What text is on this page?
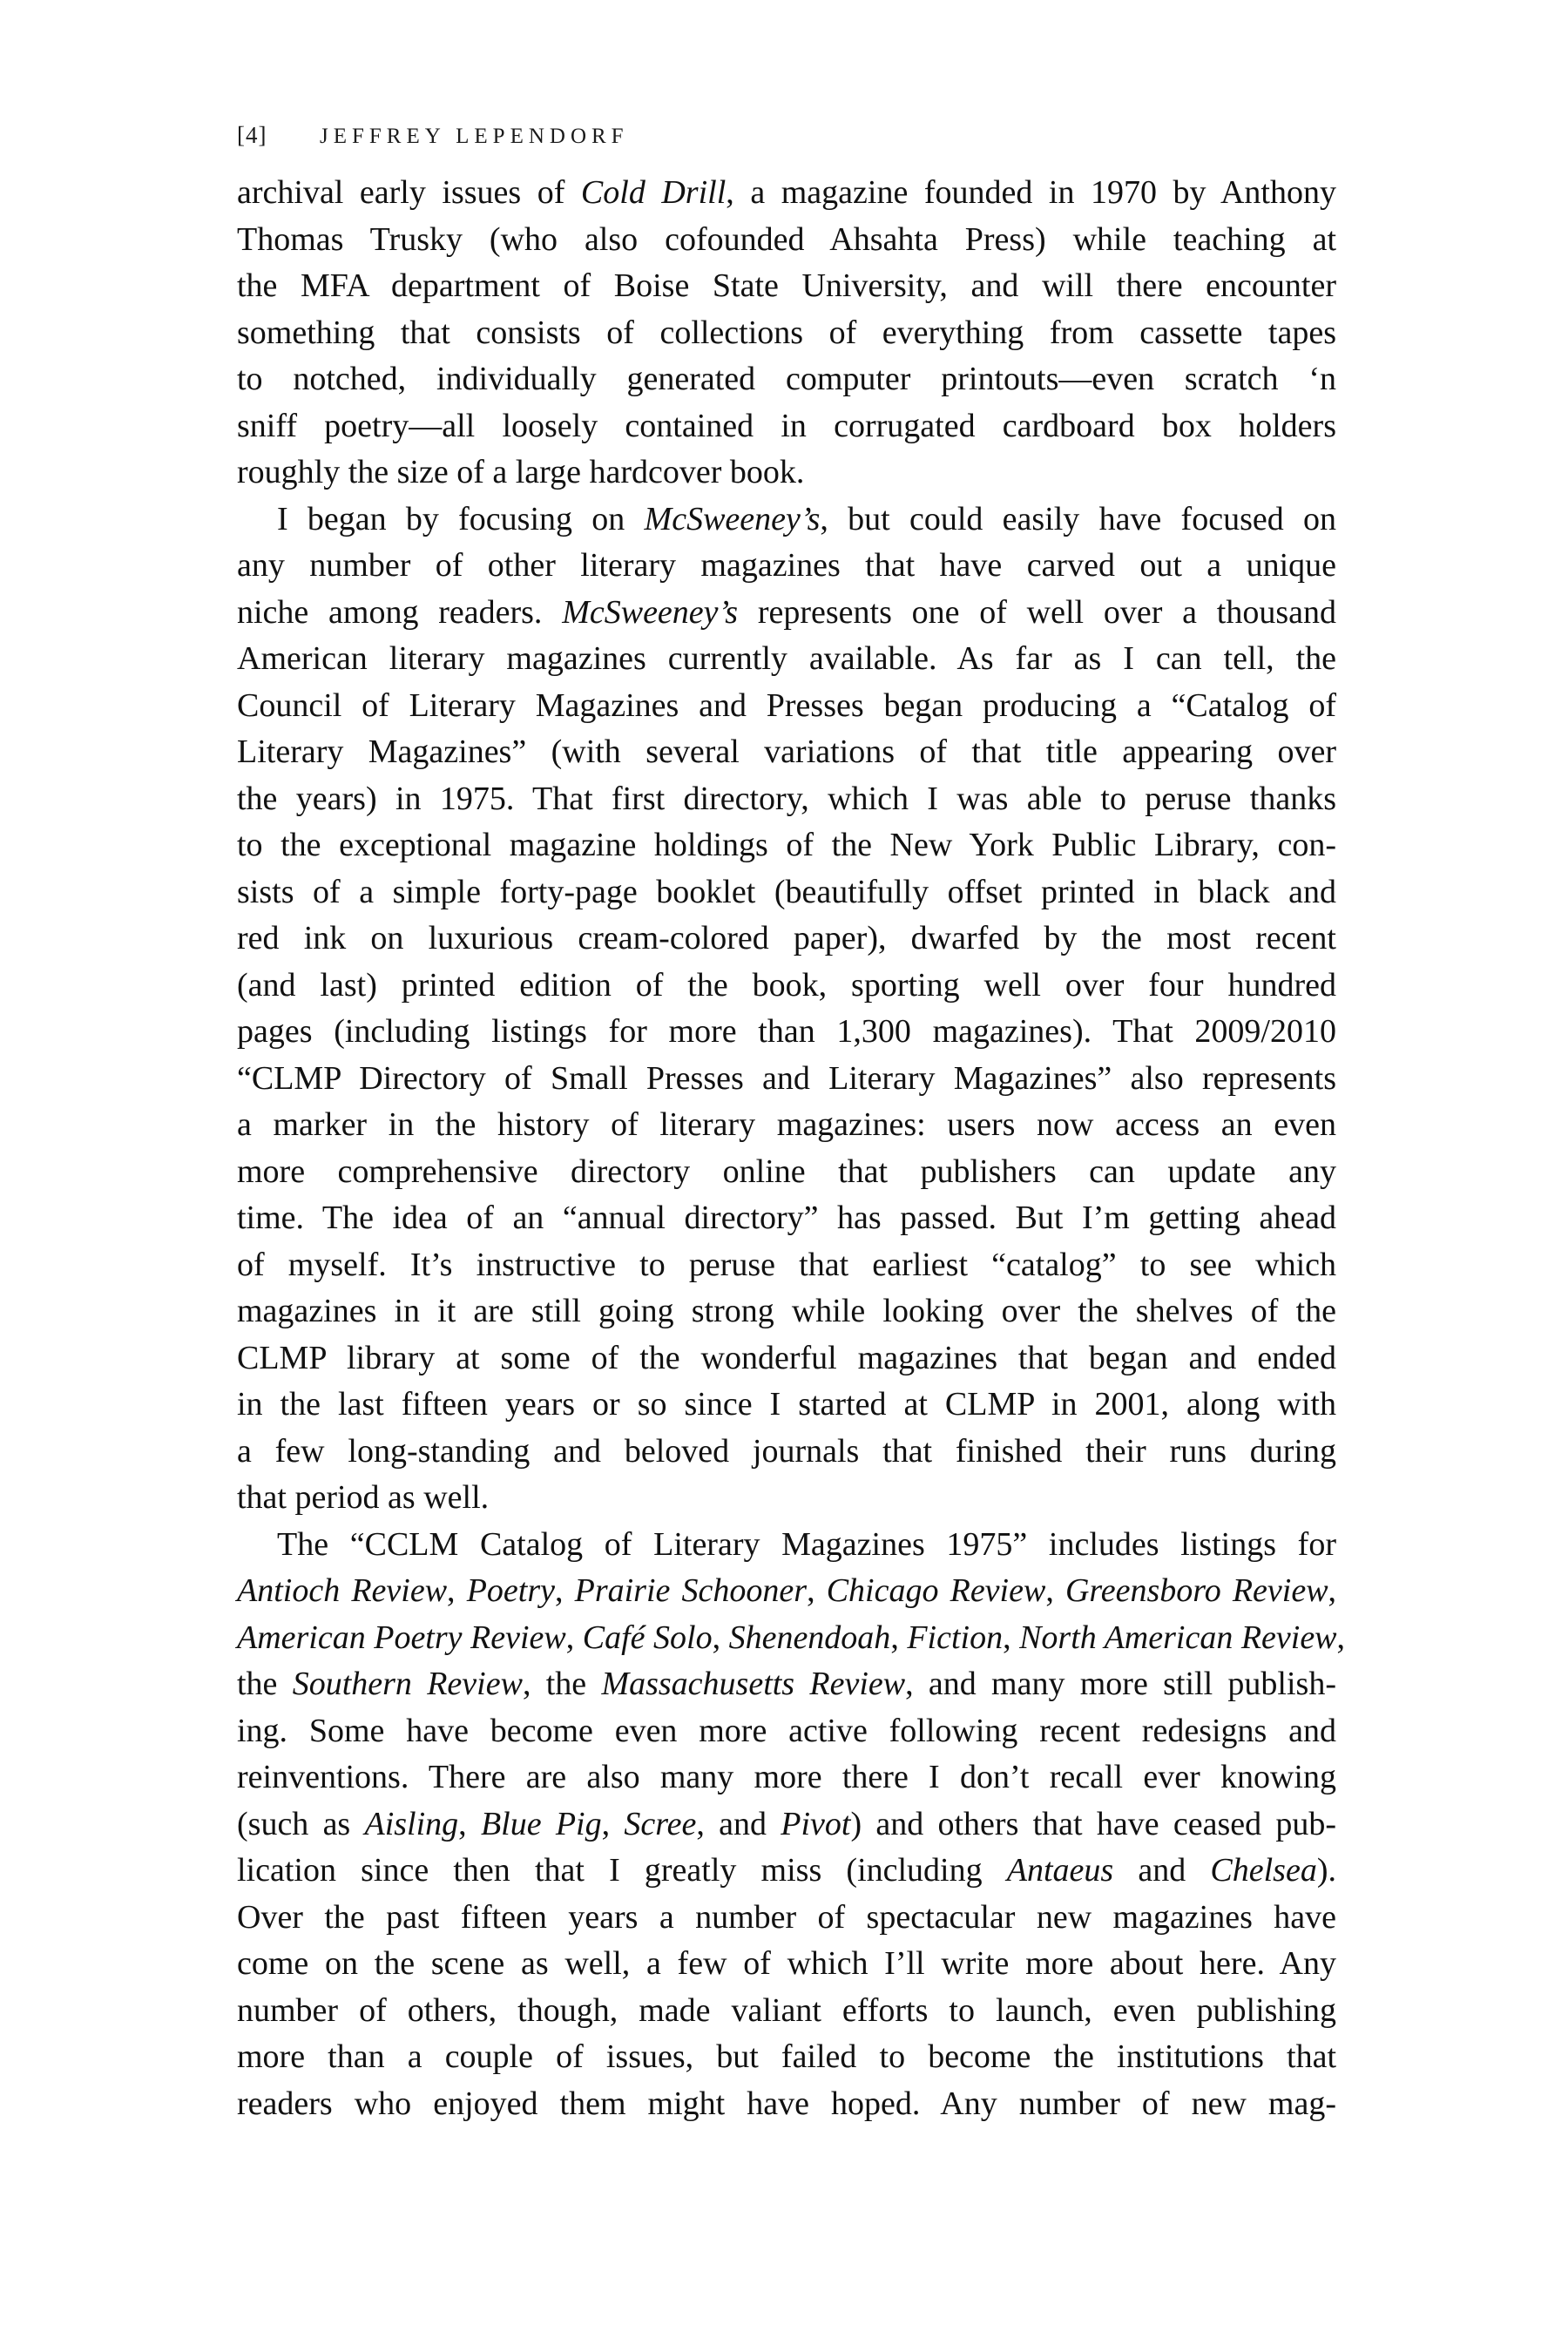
[4]	JEFFREY LEPENDORF
archival early issues of Cold Drill, a magazine founded in 1970 by Anthony
Thomas Trusky (who also cofounded Ahsahta Press) while teaching at
the MFA department of Boise State University, and will there encounter
something that consists of collections of everything from cassette tapes
to notched, individually generated computer printouts—even scratch ‘n
sniff poetry—all loosely contained in corrugated cardboard box holders
roughly the size of a large hardcover book.
I began by focusing on McSweeney’s, but could easily have focused on
any number of other literary magazines that have carved out a unique
niche among readers. McSweeney’s represents one of well over a thousand
American literary magazines currently available. As far as I can tell, the
Council of Literary Magazines and Presses began producing a “Catalog of
Literary Magazines” (with several variations of that title appearing over
the years) in 1975. That first directory, which I was able to peruse thanks
to the exceptional magazine holdings of the New York Public Library, con-
sists of a simple forty-page booklet (beautifully offset printed in black and
red ink on luxurious cream-colored paper), dwarfed by the most recent
(and last) printed edition of the book, sporting well over four hundred
pages (including listings for more than 1,300 magazines). That 2009/2010
“CLMP Directory of Small Presses and Literary Magazines” also represents
a marker in the history of literary magazines: users now access an even
more comprehensive directory online that publishers can update any
time. The idea of an “annual directory” has passed. But I’m getting ahead
of myself. It’s instructive to peruse that earliest “catalog” to see which
magazines in it are still going strong while looking over the shelves of the
CLMP library at some of the wonderful magazines that began and ended
in the last fifteen years or so since I started at CLMP in 2001, along with
a few long-standing and beloved journals that finished their runs during
that period as well.
The “CCLM Catalog of Literary Magazines 1975” includes listings for
Antioch Review, Poetry, Prairie Schooner, Chicago Review, Greensboro Review,
American Poetry Review, Café Solo, Shenendoah, Fiction, North American Review,
the Southern Review, the Massachusetts Review, and many more still publish-
ing. Some have become even more active following recent redesigns and
reinventions. There are also many more there I don’t recall ever knowing
(such as Aisling, Blue Pig, Scree, and Pivot) and others that have ceased pub-
lication since then that I greatly miss (including Antaeus and Chelsea).
Over the past fifteen years a number of spectacular new magazines have
come on the scene as well, a few of which I’ll write more about here. Any
number of others, though, made valiant efforts to launch, even publishing
more than a couple of issues, but failed to become the institutions that
readers who enjoyed them might have hoped. Any number of new mag-
